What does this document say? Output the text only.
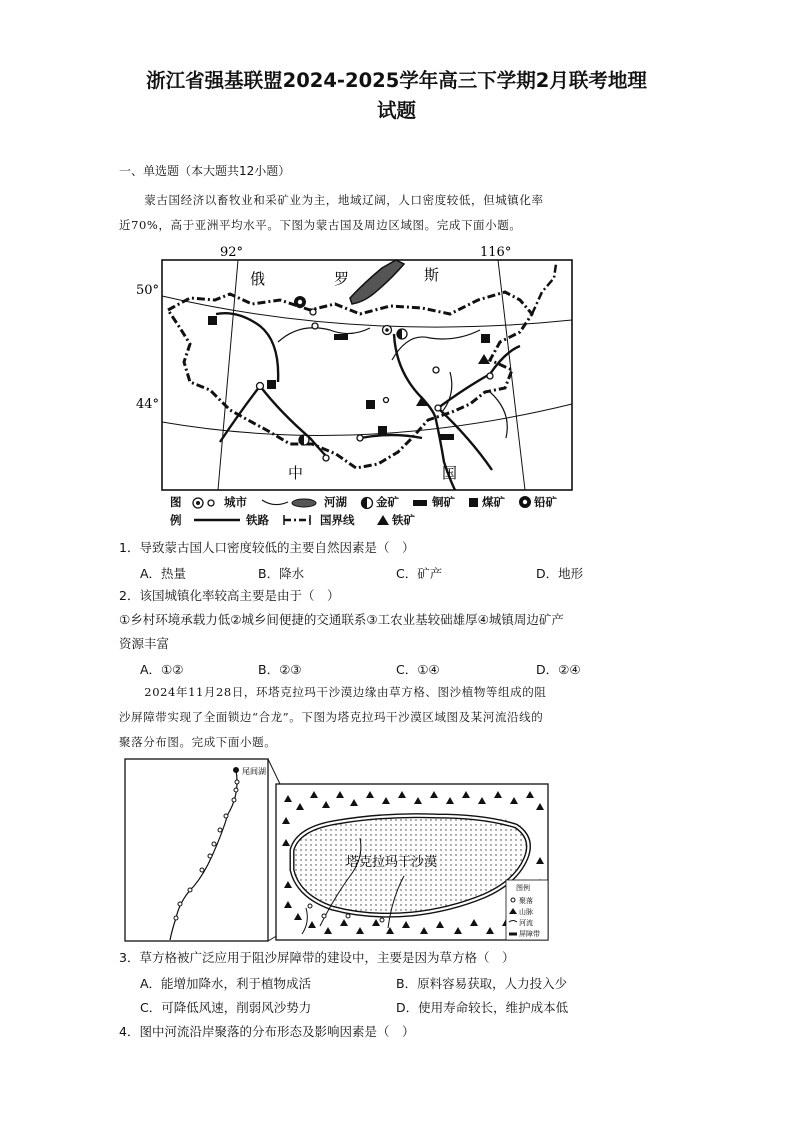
浙江省强基联盟2024-2025学年高三下学期2月联考地理
试题
一、单选题（本大题共12小题）
蒙古国经济以畜牧业和采矿业为主，地域辽阔，人口密度较低，但城镇化率
近70%，高于亚洲平均水平。下图为蒙古国及周边区域图。完成下面小题。
92°	116°
50°
44°
俄	罗	斯
中	国
图
例
城市	河湖	金矿	铜矿 煤矿	铅矿
铁路	国界线	铁矿
1．导致蒙古国人口密度较低的主要自然因素是（　）
A．热量	B．降水	C．矿产	D．地形
2．该国城镇化率较高主要是由于（　）
①乡村环境承载力低②城乡间便捷的交通联系③工农业基较础雄厚④城镇周边矿产
资源丰富
A．①②	B．②③	C．①④	D．②④
2024年11月28日，环塔克拉玛干沙漠边缘由草方格、图沙植物等组成的阻
沙屏障带实现了全面锁边“合龙”。下图为塔克拉玛干沙漠区域图及某河流沿线的
聚落分布图。完成下面小题。
尾闾湖
塔克拉玛干沙漠
图例
聚落
山脉
河流
屏障带
3．草方格被广泛应用于阻沙屏障带的建设中，主要是因为草方格（　）
A．能增加降水，利于植物成活	B．原料容易获取，人力投入少
C．可降低风速，削弱风沙势力	D．使用寿命较长，维护成本低
4．图中河流沿岸聚落的分布形态及影响因素是（　）
